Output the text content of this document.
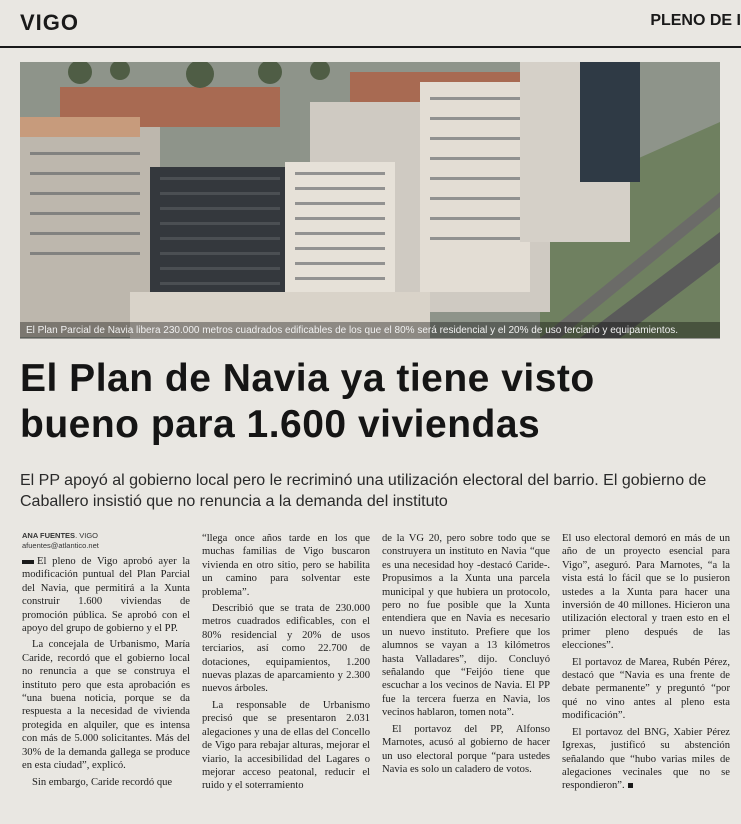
VIGO	PLENO DE I
El Plan Parcial de Navia libera 230.000 metros cuadrados edificables de los que el 80% será residencial y el 20% de uso terciario y equipamientos.
El Plan de Navia ya tiene visto
bueno para 1.600 viviendas
El PP apoyó al gobierno local pero le recriminó una utilización electoral del barrio. El gobierno de Caballero insistió que no renuncia a la demanda del instituto
ANA FUENTES. VIGO
afuentes@atlantico.net

El pleno de Vigo aprobó ayer la modificación puntual del Plan Parcial del Navia, que permitirá a la Xunta construir 1.600 viviendas de promoción pública. Se aprobó con el apoyo del grupo de gobierno y el PP.

La concejala de Urbanismo, María Caride, recordó que el gobierno local no renuncia a que se construya el instituto pero que esta aprobación es “una buena noticia, porque se da respuesta a la necesidad de vivienda protegida en alquiler, que es intensa con más de 5.000 solicitantes. Más del 30% de la demanda gallega se produce en esta ciudad”, explicó.

Sin embargo, Caride recordó que

“llega once años tarde en los que muchas familias de Vigo buscaron vivienda en otro sitio, pero se habilita un camino para solventar este problema”.

Describió que se trata de 230.000 metros cuadrados edificables, con el 80% residencial y 20% de usos terciarios, así como 22.700 de dotaciones, equipamientos, 1.200 nuevas plazas de aparcamiento y 2.300 nuevos árboles.

La responsable de Urbanismo precisó que se presentaron 2.031 alegaciones y una de ellas del Concello de Vigo para rebajar alturas, mejorar el viario, la accesibilidad del Lagares o mejorar acceso peatonal, reducir el ruido y el soterramiento

de la VG 20, pero sobre todo que se construyera un instituto en Navia “que es una necesidad hoy -destacó Caride-. Propusimos a la Xunta una parcela municipal y que hubiera un protocolo, pero no fue posible que la Xunta entendiera que en Navia es necesario un nuevo instituto. Prefiere que los alumnos se vayan a 13 kilómetros hasta Valladares”, dijo. Concluyó señalando que “Feijóo tiene que escuchar a los vecinos de Navia. El PP fue la tercera fuerza en Navia, los vecinos hablaron, tomen nota”.

El portavoz del PP, Alfonso Marnotes, acusó al gobierno de hacer un uso electoral porque “para ustedes Navia es solo un caladero de votos.

El uso electoral demoró en más de un año de un proyecto esencial para Vigo”, aseguró. Para Marnotes, “a la vista está lo fácil que se lo pusieron ustedes a la Xunta para hacer una inversión de 40 millones. Hicieron una utilización electoral y traen esto en el primer pleno después de las elecciones”.

El portavoz de Marea, Rubén Pérez, destacó que “Navia es una frente de debate permanente” y preguntó “por qué no vino antes al pleno esta modificación”.

El portavoz del BNG, Xabier Pérez Igrexas, justificó su abstención señalando que “hubo varias miles de alegaciones vecinales que no se respondieron”.
